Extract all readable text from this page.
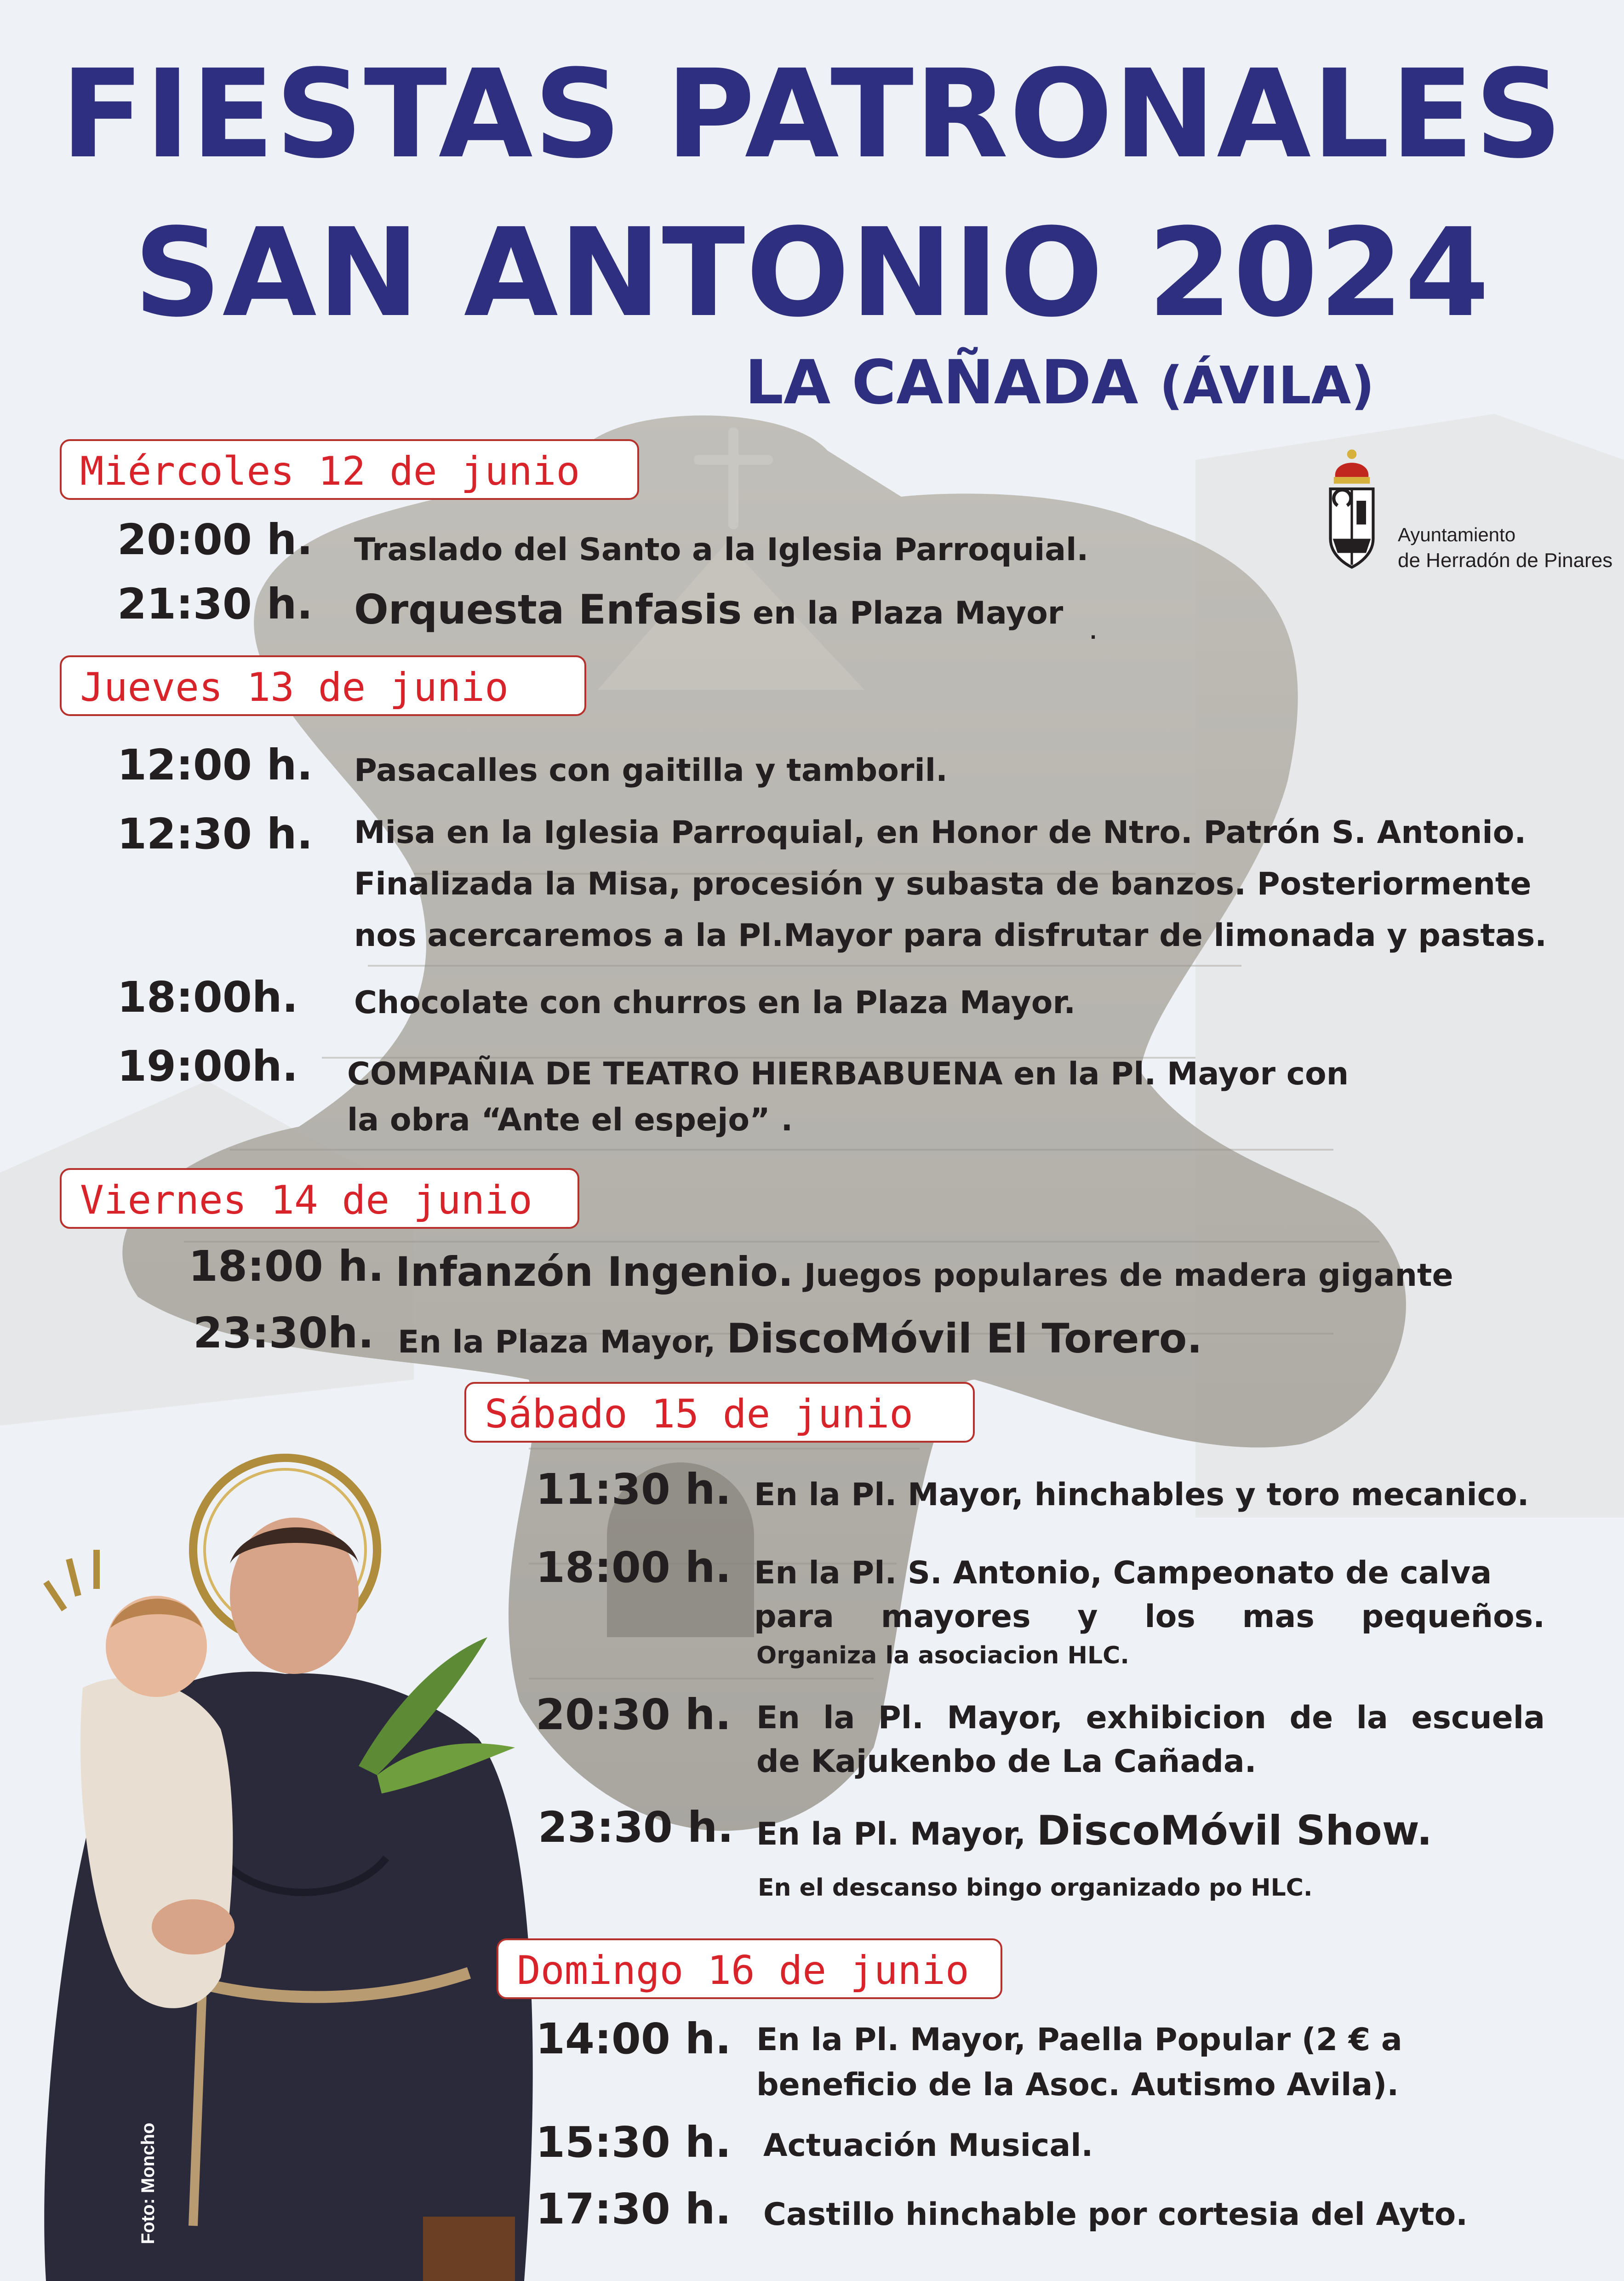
FIESTAS PATRONALES
SAN ANTONIO 2024
LA CAÑADA (ÁVILA)
Ayuntamiento
de Herradón de Pinares
Miércoles 12 de junio
20:00 h. Traslado del Santo a la Iglesia Parroquial.
21:30 h. Orquesta Enfasis en la Plaza Mayor
.
Jueves 13 de junio
12:00 h. Pasacalles con gaitilla y tamboril.
12:30 h. Misa en la Iglesia Parroquial, en Honor de Ntro. Patrón S. Antonio.
Finalizada la Misa, procesión y subasta de banzos. Posteriormente
nos acercaremos a la Pl.Mayor para disfrutar de limonada y pastas.
18:00h. Chocolate con churros en la Plaza Mayor.
19:00h. COMPAÑIA DE TEATRO HIERBABUENA en la Pl. Mayor con
la obra “Ante el espejo” .
Viernes 14 de junio
18:00 h. Infanzón Ingenio. Juegos populares de madera gigante
23:30h. En la Plaza Mayor, DiscoMóvil El Torero.
Sábado 15 de junio
11:30 h. En la Pl. Mayor, hinchables y toro mecanico.
18:00 h. En la Pl. S. Antonio, Campeonato de calva
para mayores y los mas pequeños.
Organiza la asociacion HLC.
20:30 h. En la Pl. Mayor, exhibicion de la escuela
de Kajukenbo de La Cañada.
23:30 h. En la Pl. Mayor, DiscoMóvil Show.
En el descanso bingo organizado po HLC.
Domingo 16 de junio
14:00 h. En la Pl. Mayor, Paella Popular (2 € a
beneficio de la Asoc. Autismo Avila).
15:30 h. Actuación Musical.
17:30 h. Castillo hinchable por cortesia del Ayto.
Foto: Moncho
